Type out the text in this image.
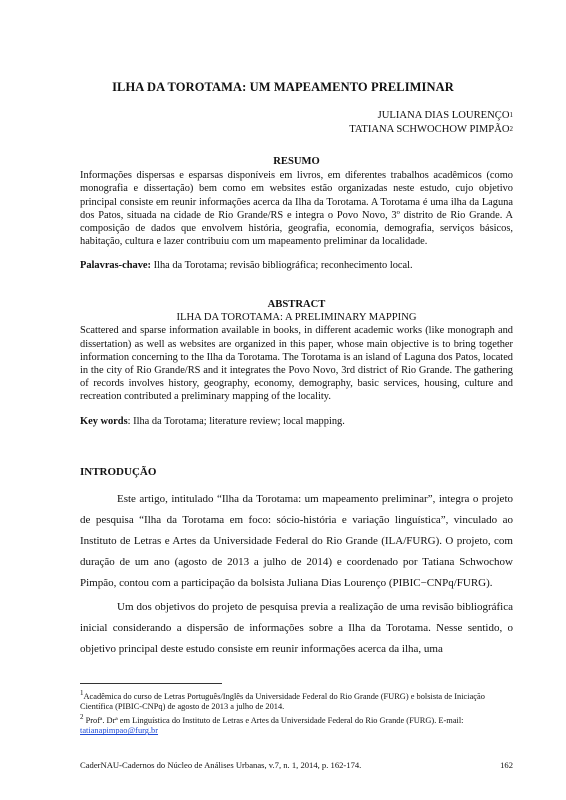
ILHA DA TOROTAMA: UM MAPEAMENTO PRELIMINAR
JULIANA DIAS LOURENÇO$^1$
TATIANA SCHWOCHOW PIMPÃO$^2$
RESUMO
Informações dispersas e esparsas disponíveis em livros, em diferentes trabalhos acadêmicos (como monografia e dissertação) bem como em websites estão organizadas neste estudo, cujo objetivo principal consiste em reunir informações acerca da Ilha da Torotama. A Torotama é uma ilha da Laguna dos Patos, situada na cidade de Rio Grande/RS e integra o Povo Novo, 3º distrito de Rio Grande. A composição de dados que envolvem história, geografia, economia, demografia, serviços básicos, habitação, cultura e lazer contribuiu com um mapeamento preliminar da localidade.
Palavras-chave: Ilha da Torotama; revisão bibliográfica; reconhecimento local.
ABSTRACT
ILHA DA TOROTAMA: A PRELIMINARY MAPPING
Scattered and sparse information available in books, in different academic works (like monograph and dissertation) as well as websites are organized in this paper, whose main objective is to bring together information concerning to the Ilha da Torotama. The Torotama is an island of Laguna dos Patos, located in the city of Rio Grande/RS and it integrates the Povo Novo, 3rd district of Rio Grande. The gathering of records involves history, geography, economy, demography, basic services, housing, culture and recreation contributed a preliminary mapping of the locality.
Key words: Ilha da Torotama; literature review; local mapping.
INTRODUÇÃO

Este artigo, intitulado “Ilha da Torotama: um mapeamento preliminar”, integra o projeto de pesquisa “Ilha da Torotama em foco: sócio-história e variação linguística”, vinculado ao Instituto de Letras e Artes da Universidade Federal do Rio Grande (ILA/FURG). O projeto, com duração de um ano (agosto de 2013 a julho de 2014) e coordenado por Tatiana Schwochow Pimpão, contou com a participação da bolsista Juliana Dias Lourenço (PIBIC−CNPq/FURG).

Um dos objetivos do projeto de pesquisa previa a realização de uma revisão bibliográfica inicial considerando a dispersão de informações sobre a Ilha da Torotama. Nesse sentido, o objetivo principal deste estudo consiste em reunir informações acerca da ilha, uma

$^1$Acadêmica do curso de Letras Português/Inglês da Universidade Federal do Rio Grande (FURG) e bolsista de Iniciação Científica (PIBIC-CNPq) de agosto de 2013 a julho de 2014.
$^2$ Profª. Drª em Linguística do Instituto de Letras e Artes da Universidade Federal do Rio Grande (FURG). E-mail: tatianapimpao@furg.br
CaderNAU-Cadernos do Núcleo de Análises Urbanas, v.7, n. 1, 2014, p. 162-174.	162
